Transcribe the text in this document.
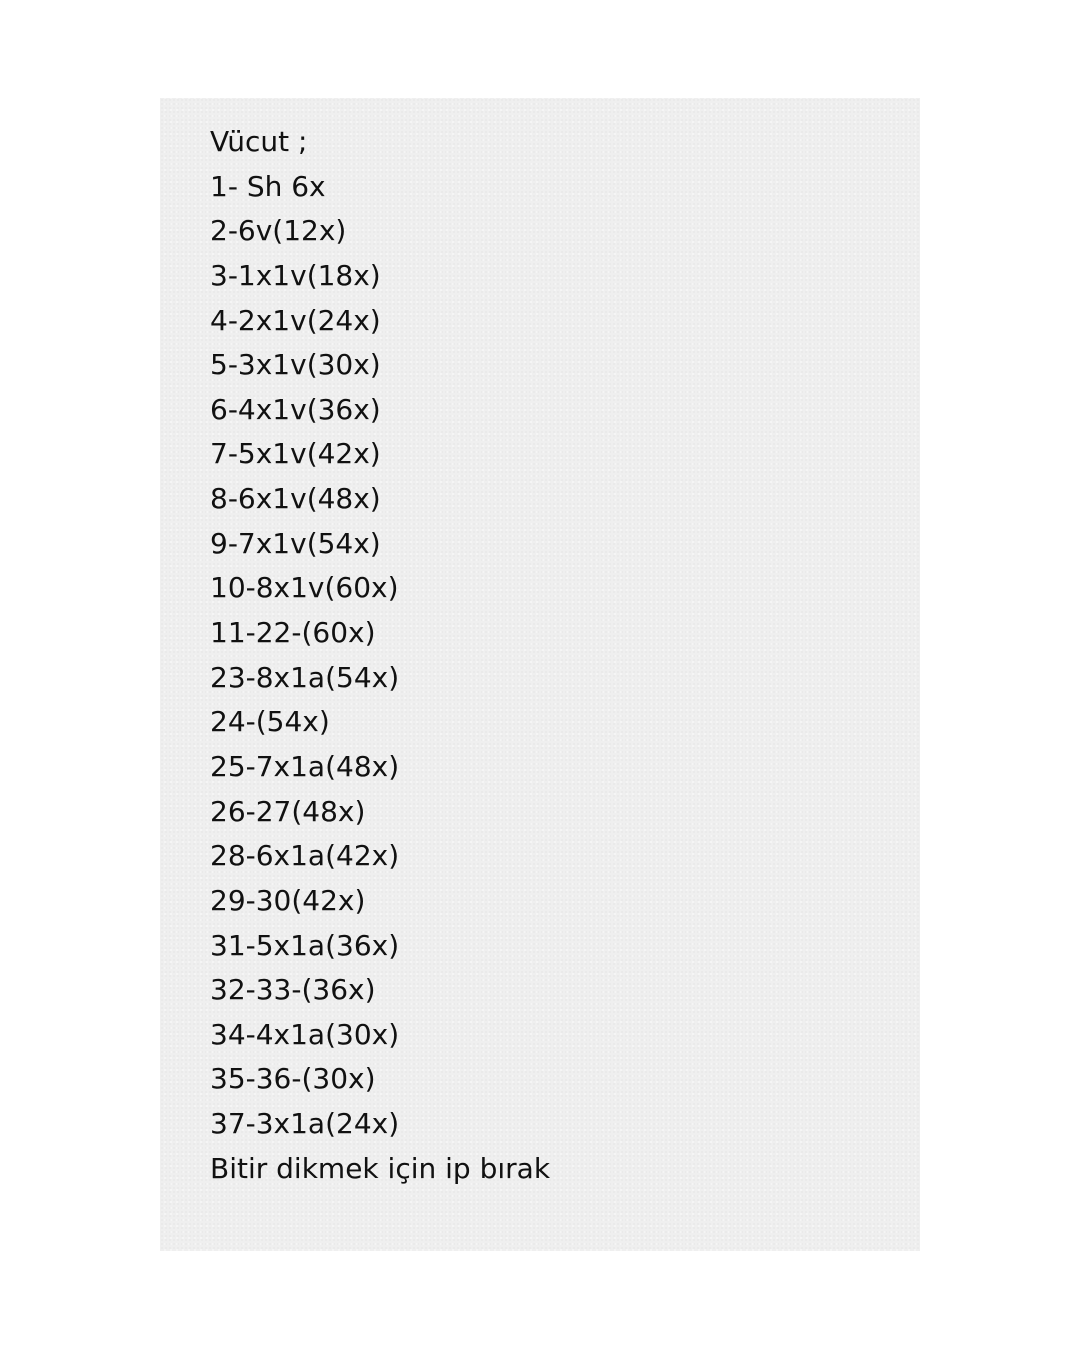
Vücut ;
1- Sh 6x
2-6v(12x)
3-1x1v(18x)
4-2x1v(24x)
5-3x1v(30x)
6-4x1v(36x)
7-5x1v(42x)
8-6x1v(48x)
9-7x1v(54x)
10-8x1v(60x)
11-22-(60x)
23-8x1a(54x)
24-(54x)
25-7x1a(48x)
26-27(48x)
28-6x1a(42x)
29-30(42x)
31-5x1a(36x)
32-33-(36x)
34-4x1a(30x)
35-36-(30x)
37-3x1a(24x)
Bitir dikmek için ip bırak
